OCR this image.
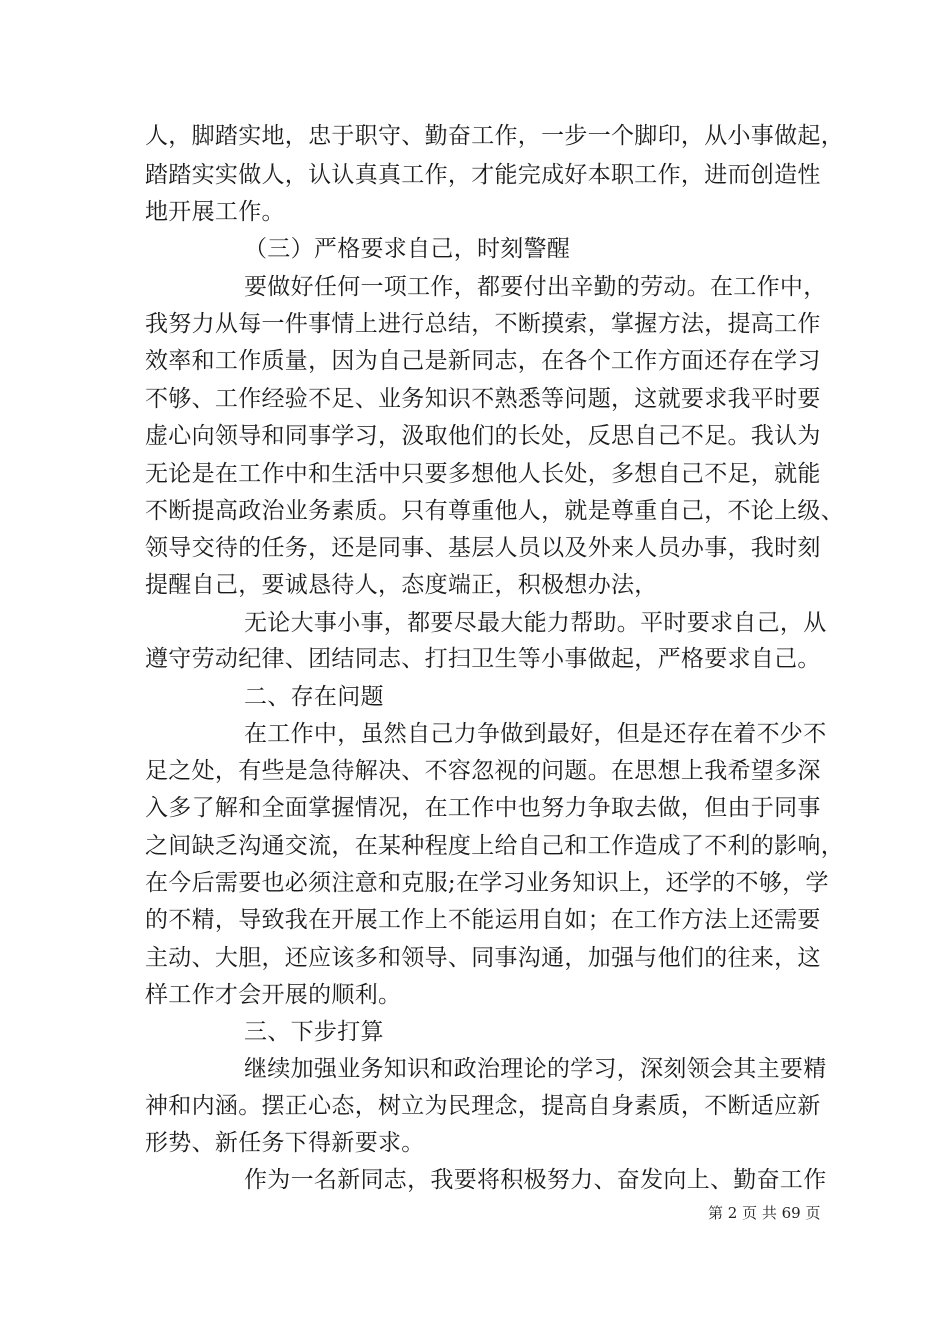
人，脚踏实地，忠于职守、勤奋工作，一步一个脚印，从小事做起，
踏踏实实做人，认认真真工作，才能完成好本职工作，进而创造性
地开展工作。
（三）严格要求自己，时刻警醒
要做好任何一项工作，都要付出辛勤的劳动。在工作中，
我努力从每一件事情上进行总结，不断摸索，掌握方法，提高工作
效率和工作质量，因为自己是新同志，在各个工作方面还存在学习
不够、工作经验不足、业务知识不熟悉等问题，这就要求我平时要
虚心向领导和同事学习，汲取他们的长处，反思自己不足。我认为
无论是在工作中和生活中只要多想他人长处，多想自己不足，就能
不断提高政治业务素质。只有尊重他人，就是尊重自己，不论上级、
领导交待的任务，还是同事、基层人员以及外来人员办事，我时刻
提醒自己，要诚恳待人，态度端正，积极想办法，
无论大事小事，都要尽最大能力帮助。平时要求自己，从
遵守劳动纪律、团结同志、打扫卫生等小事做起，严格要求自己。
二、存在问题
在工作中，虽然自己力争做到最好，但是还存在着不少不
足之处，有些是急待解决、不容忽视的问题。在思想上我希望多深
入多了解和全面掌握情况，在工作中也努力争取去做，但由于同事
之间缺乏沟通交流，在某种程度上给自己和工作造成了不利的影响，
在今后需要也必须注意和克服;在学习业务知识上，还学的不够，学
的不精，导致我在开展工作上不能运用自如；在工作方法上还需要
主动、大胆，还应该多和领导、同事沟通，加强与他们的往来，这
样工作才会开展的顺利。
三、下步打算
继续加强业务知识和政治理论的学习，深刻领会其主要精
神和内涵。摆正心态，树立为民理念，提高自身素质，不断适应新
形势、新任务下得新要求。
作为一名新同志，我要将积极努力、奋发向上、勤奋工作
第 2 页 共 69 页
